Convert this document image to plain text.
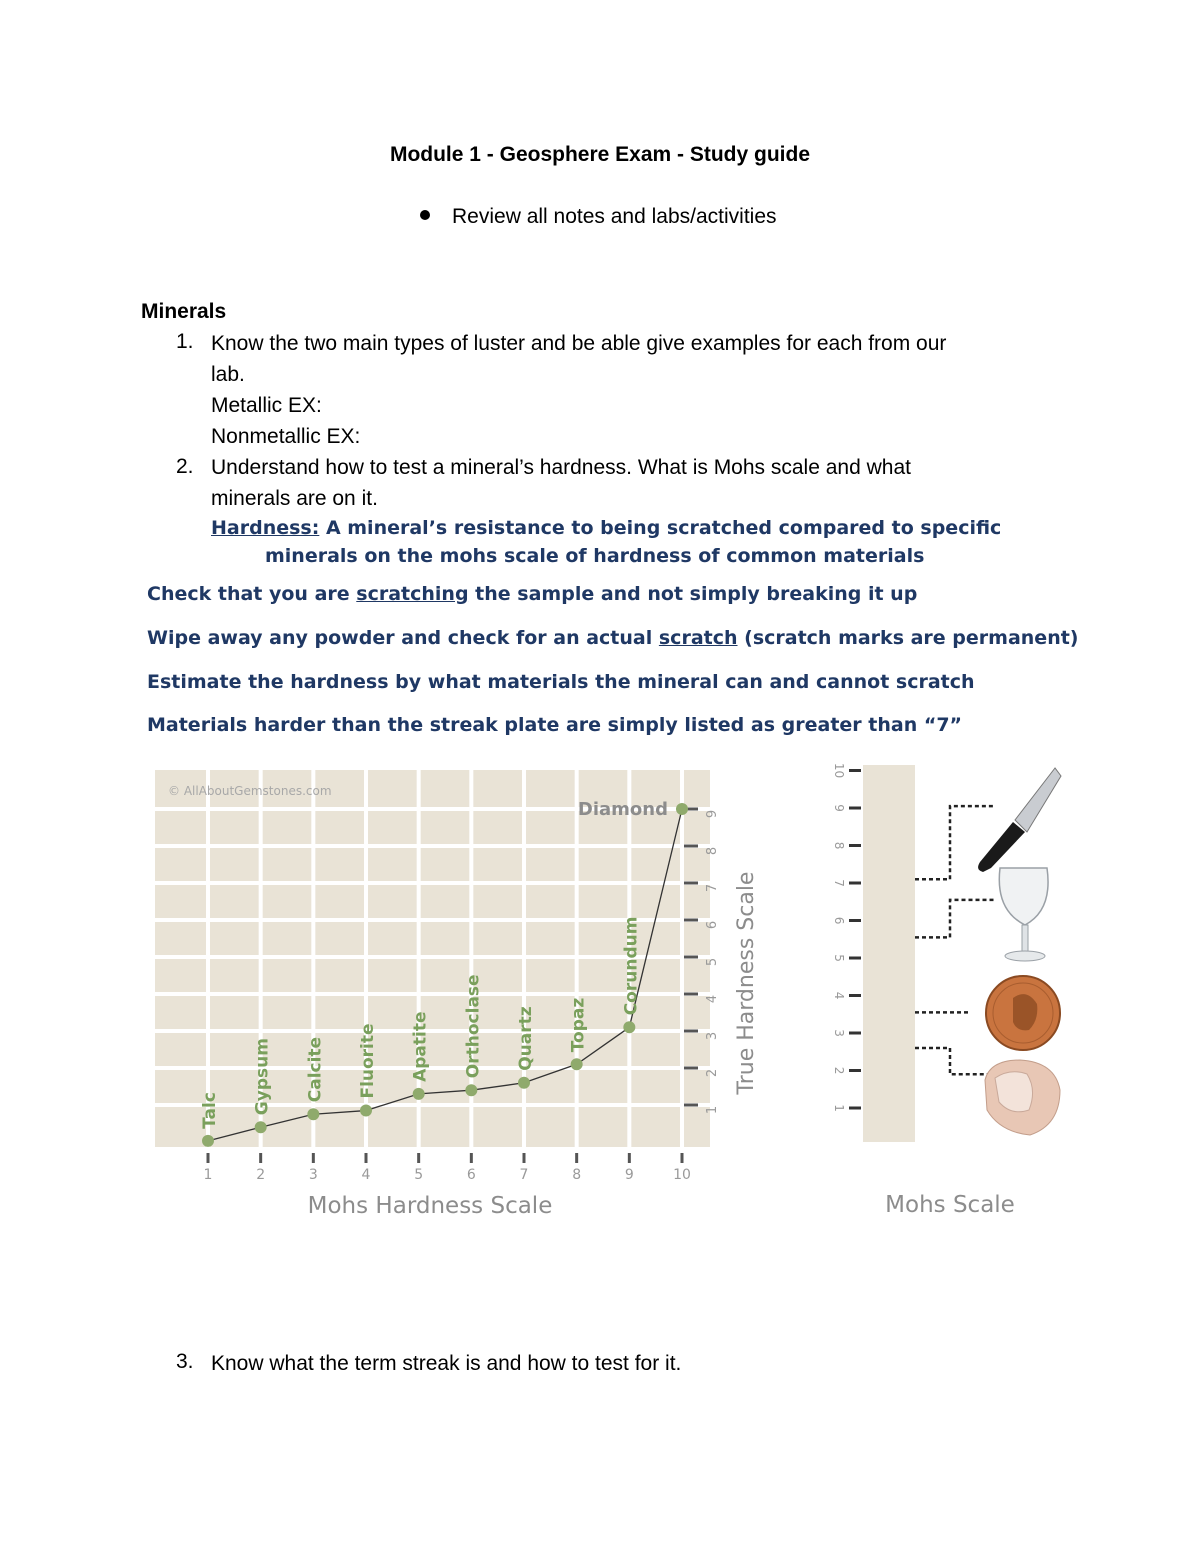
Module 1 - Geosphere Exam - Study guide
Review all notes and labs/activities
Minerals
1. Know the two main types of luster and be able give examples for each from our
lab.
Metallic EX:
Nonmetallic EX:
2. Understand how to test a mineral’s hardness. What is Mohs scale and what
minerals are on it.
Hardness: A mineral’s resistance to being scratched compared to specific
minerals on the mohs scale of hardness of common materials
Check that you are scratching the sample and not simply breaking it up
Wipe away any powder and check for an actual scratch (scratch marks are permanent)
Estimate the hardness by what materials the mineral can and cannot scratch
Materials harder than the streak plate are simply listed as greater than “7”
© AllAboutGemstones.com
1	2	3	4	5	6	7	8	9	10
1
2
3
4
5
6
7
8
9
Talc Gypsum Calcite Fluorite Apatite Orthoclase Quartz Topaz
Corundum
Diamond
Mohs Hardness Scale
True Hardness Scale
1
2
3
4
5
6
7
8
9
10
Mohs Scale
3. Know what the term streak is and how to test for it.
